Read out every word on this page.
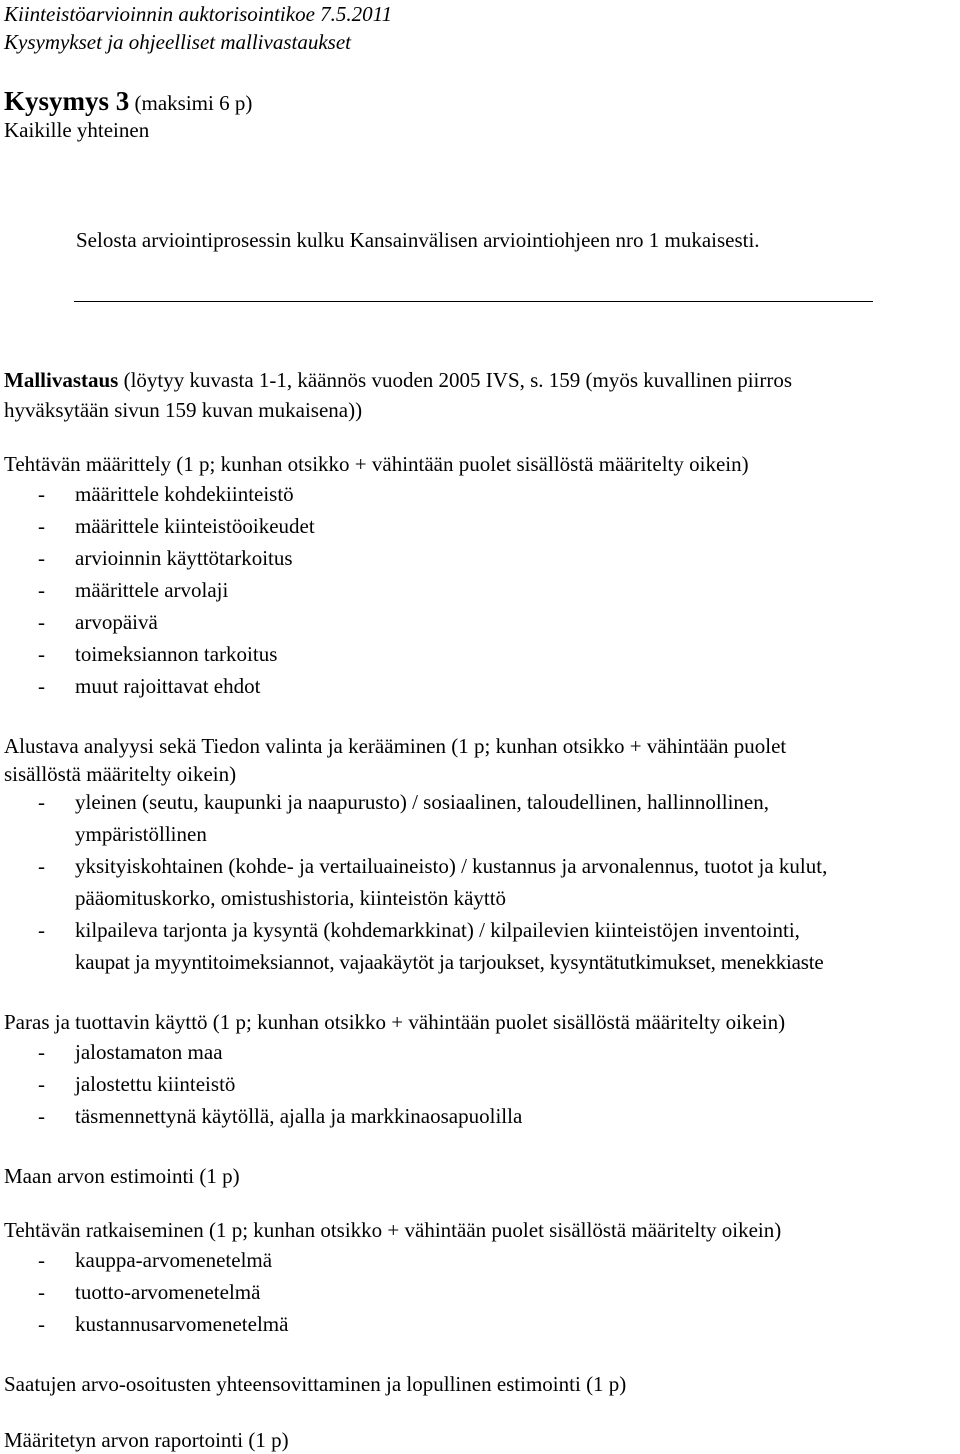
Kiinteistöarvioinnin auktorisointikoe 7.5.2011
Kysymykset ja ohjeelliset mallivastaukset
Kysymys 3 (maksimi 6 p)
Kaikille yhteinen
Selosta arviointiprosessin kulku Kansainvälisen arviointiohjeen nro 1 mukaisesti.
Mallivastaus (löytyy kuvasta 1-1, käännös vuoden 2005 IVS, s. 159 (myös kuvallinen piirros
hyväksytään sivun 159 kuvan mukaisena))
Tehtävän määrittely (1 p; kunhan otsikko + vähintään puolet sisällöstä määritelty oikein)
- määrittele kohdekiinteistö
- määrittele kiinteistöoikeudet
- arvioinnin käyttötarkoitus
- määrittele arvolaji
- arvopäivä
- toimeksiannon tarkoitus
- muut rajoittavat ehdot
Alustava analyysi sekä Tiedon valinta ja kerääminen (1 p; kunhan otsikko + vähintään puolet
sisällöstä määritelty oikein)
- yleinen (seutu, kaupunki ja naapurusto) / sosiaalinen, taloudellinen, hallinnollinen,
ympäristöllinen
- yksityiskohtainen (kohde- ja vertailuaineisto) / kustannus ja arvonalennus, tuotot ja kulut,
pääomituskorko, omistushistoria, kiinteistön käyttö
- kilpaileva tarjonta ja kysyntä (kohdemarkkinat) / kilpailevien kiinteistöjen inventointi,
kaupat ja myyntitoimeksiannot, vajaakäytöt ja tarjoukset, kysyntätutkimukset, menekkiaste
Paras ja tuottavin käyttö (1 p; kunhan otsikko + vähintään puolet sisällöstä määritelty oikein)
- jalostamaton maa
- jalostettu kiinteistö
- täsmennettynä käytöllä, ajalla ja markkinaosapuolilla
Maan arvon estimointi (1 p)
Tehtävän ratkaiseminen (1 p; kunhan otsikko + vähintään puolet sisällöstä määritelty oikein)
- kauppa-arvomenetelmä
- tuotto-arvomenetelmä
- kustannusarvomenetelmä
Saatujen arvo-osoitusten yhteensovittaminen ja lopullinen estimointi (1 p)
Määritetyn arvon raportointi (1 p)
